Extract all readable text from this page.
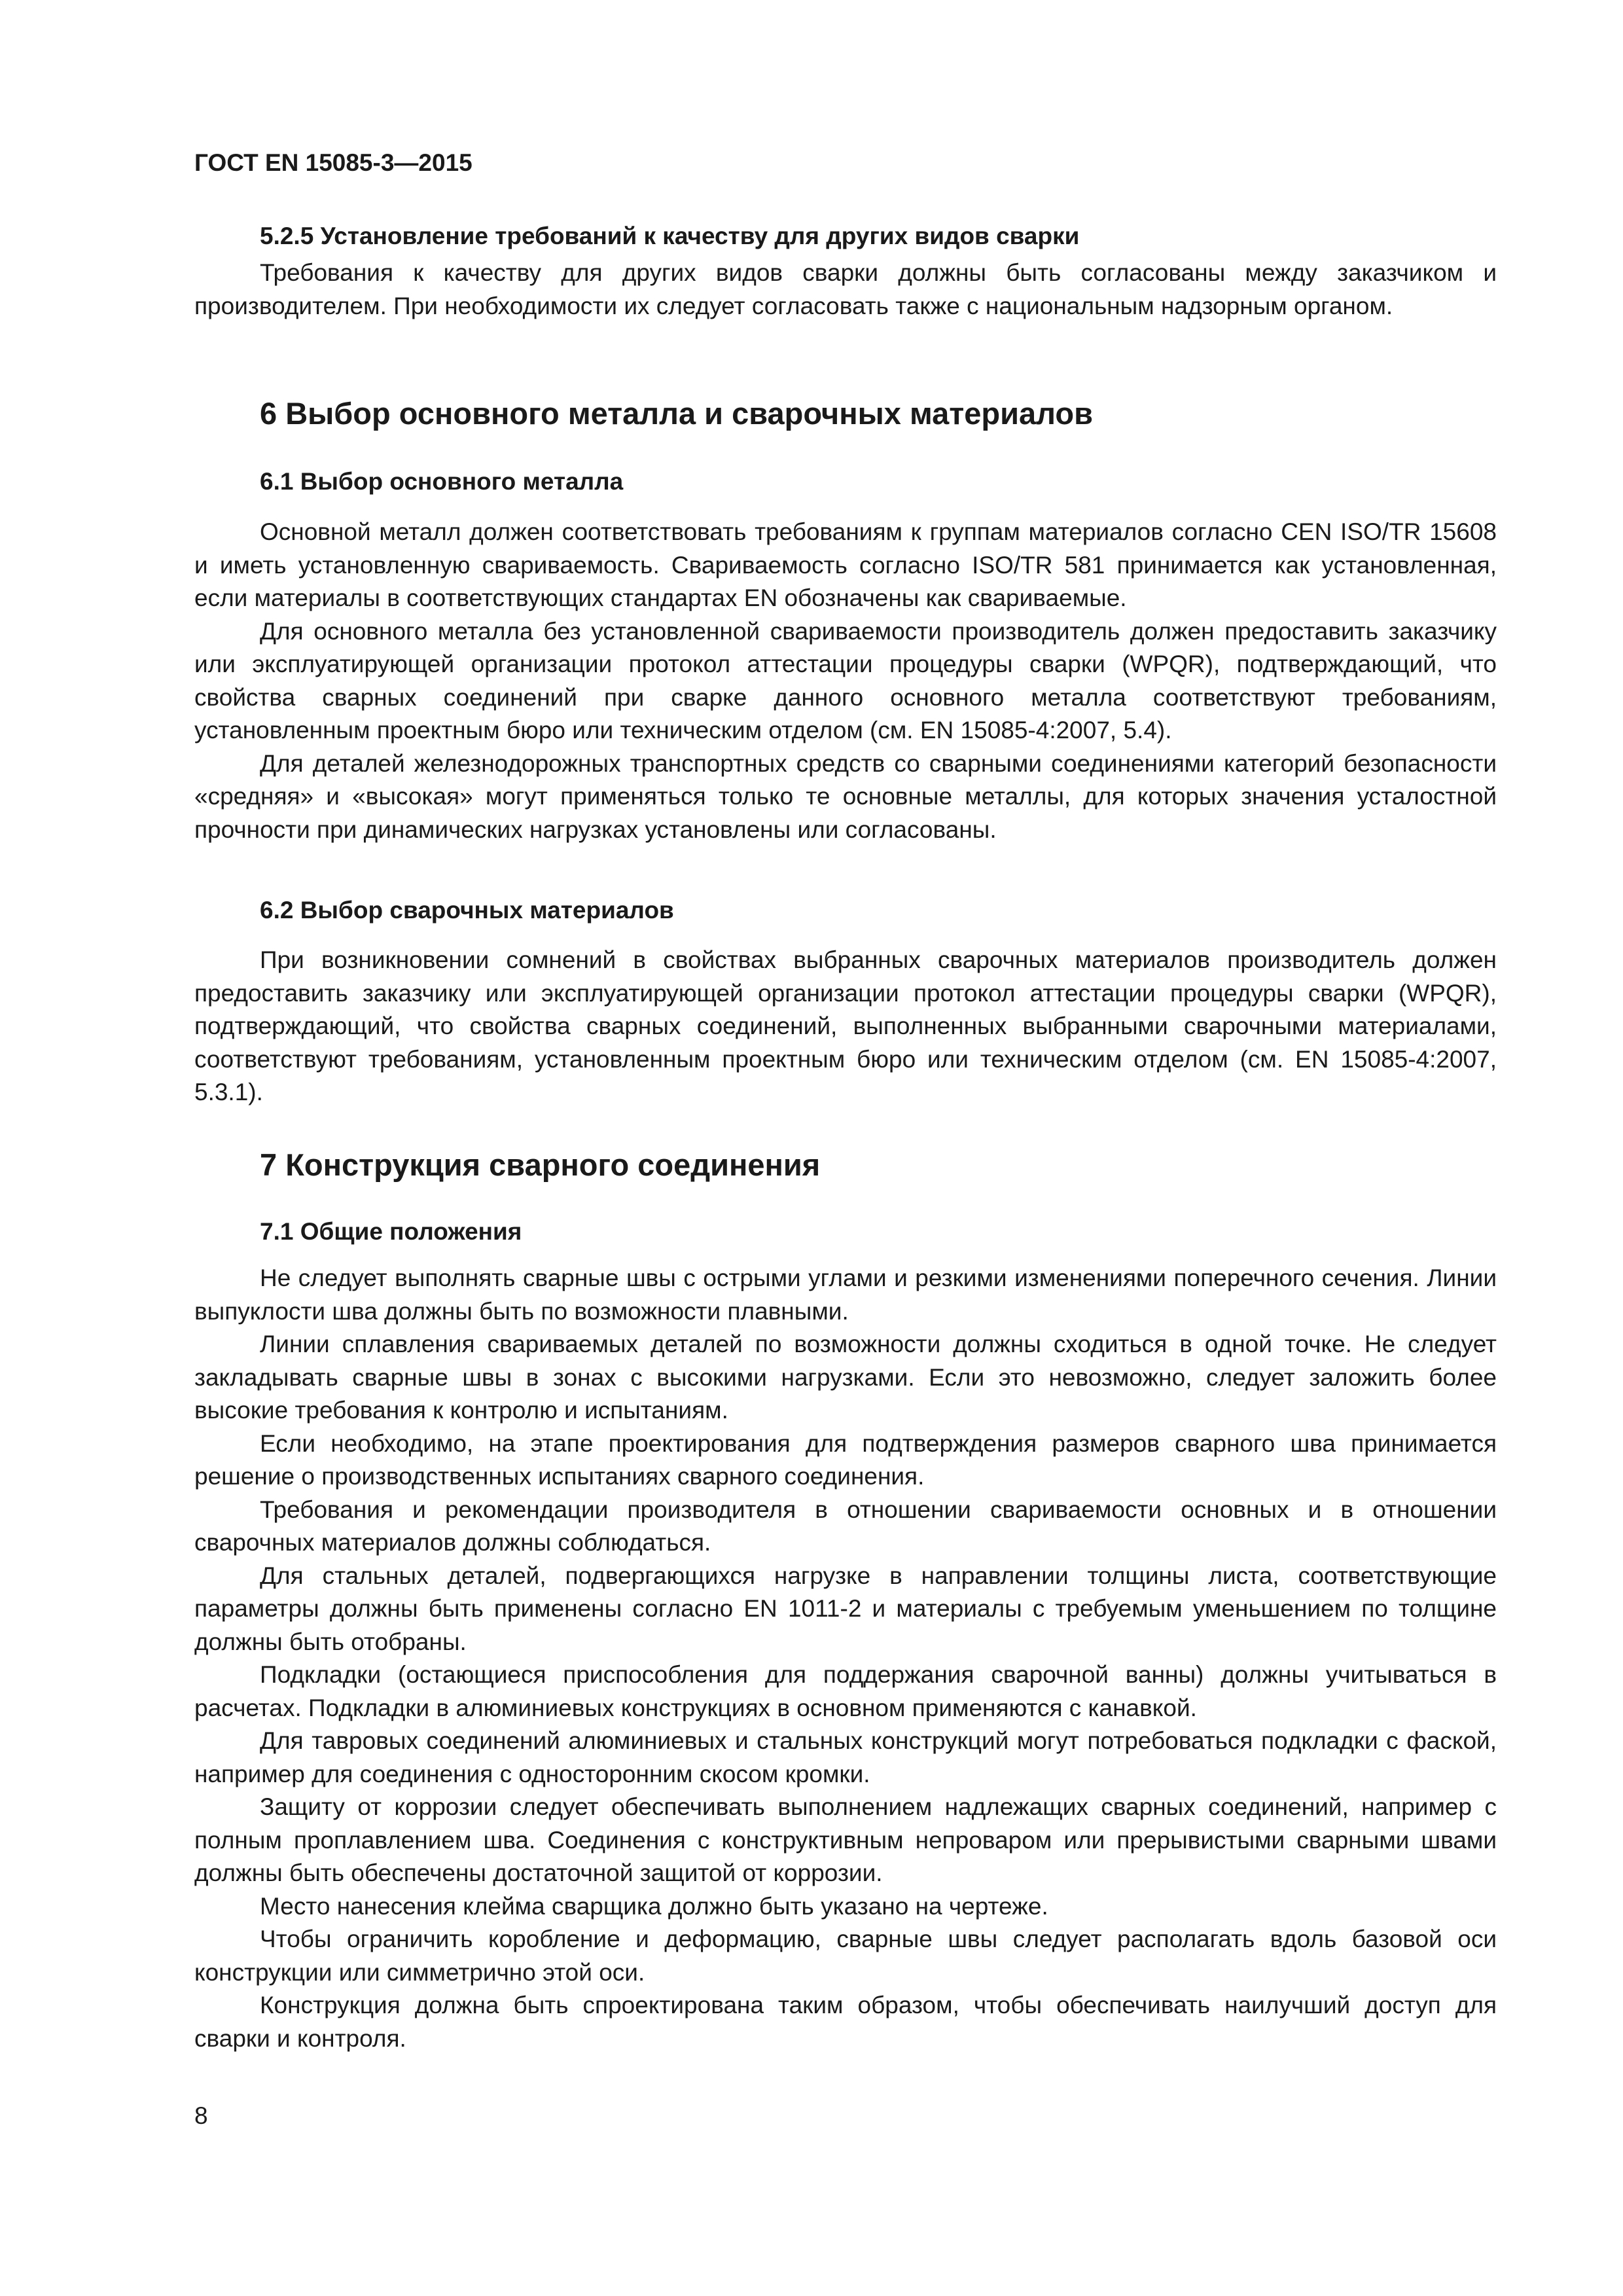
ГОСТ EN 15085-3—2015

5.2.5 Установление требований к качеству для других видов сварки

Требования к качеству для других видов сварки должны быть согласованы между заказчиком и производителем. При необходимости их следует согласовать также с национальным надзорным органом.

6 Выбор основного металла и сварочных материалов

6.1 Выбор основного металла

Основной металл должен соответствовать требованиям к группам материалов согласно CEN ISO/TR 15608 и иметь установленную свариваемость. Свариваемость согласно ISO/TR 581 принимается как установленная, если материалы в соответствующих стандартах EN обозначены как свариваемые.

Для основного металла без установленной свариваемости производитель должен предоставить заказчику или эксплуатирующей организации протокол аттестации процедуры сварки (WPQR), подтверждающий, что свойства сварных соединений при сварке данного основного металла соответствуют требованиям, установленным проектным бюро или техническим отделом (см. EN 15085-4:2007, 5.4).

Для деталей железнодорожных транспортных средств со сварными соединениями категорий безопасности «средняя» и «высокая» могут применяться только те основные металлы, для которых значения усталостной прочности при динамических нагрузках установлены или согласованы.

6.2 Выбор сварочных материалов

При возникновении сомнений в свойствах выбранных сварочных материалов производитель должен предоставить заказчику или эксплуатирующей организации протокол аттестации процедуры сварки (WPQR), подтверждающий, что свойства сварных соединений, выполненных выбранными сварочными материалами, соответствуют требованиям, установленным проектным бюро или техническим отделом (см. EN 15085-4:2007, 5.3.1).

7 Конструкция сварного соединения

7.1 Общие положения

Не следует выполнять сварные швы с острыми углами и резкими изменениями поперечного сечения. Линии выпуклости шва должны быть по возможности плавными.

Линии сплавления свариваемых деталей по возможности должны сходиться в одной точке. Не следует закладывать сварные швы в зонах с высокими нагрузками. Если это невозможно, следует заложить более высокие требования к контролю и испытаниям.

Если необходимо, на этапе проектирования для подтверждения размеров сварного шва принимается решение о производственных испытаниях сварного соединения.

Требования и рекомендации производителя в отношении свариваемости основных и в отношении сварочных материалов должны соблюдаться.

Для стальных деталей, подвергающихся нагрузке в направлении толщины листа, соответствующие параметры должны быть применены согласно EN 1011-2 и материалы с требуемым уменьшением по толщине должны быть отобраны.

Подкладки (остающиеся приспособления для поддержания сварочной ванны) должны учитываться в расчетах. Подкладки в алюминиевых конструкциях в основном применяются с канавкой.

Для тавровых соединений алюминиевых и стальных конструкций могут потребоваться подкладки с фаской, например для соединения с односторонним скосом кромки.

Защиту от коррозии следует обеспечивать выполнением надлежащих сварных соединений, например с полным проплавлением шва. Соединения с конструктивным непроваром или прерывистыми сварными швами должны быть обеспечены достаточной защитой от коррозии.

Место нанесения клейма сварщика должно быть указано на чертеже.

Чтобы ограничить коробление и деформацию, сварные швы следует располагать вдоль базовой оси конструкции или симметрично этой оси.

Конструкция должна быть спроектирована таким образом, чтобы обеспечивать наилучший доступ для сварки и контроля.

8
